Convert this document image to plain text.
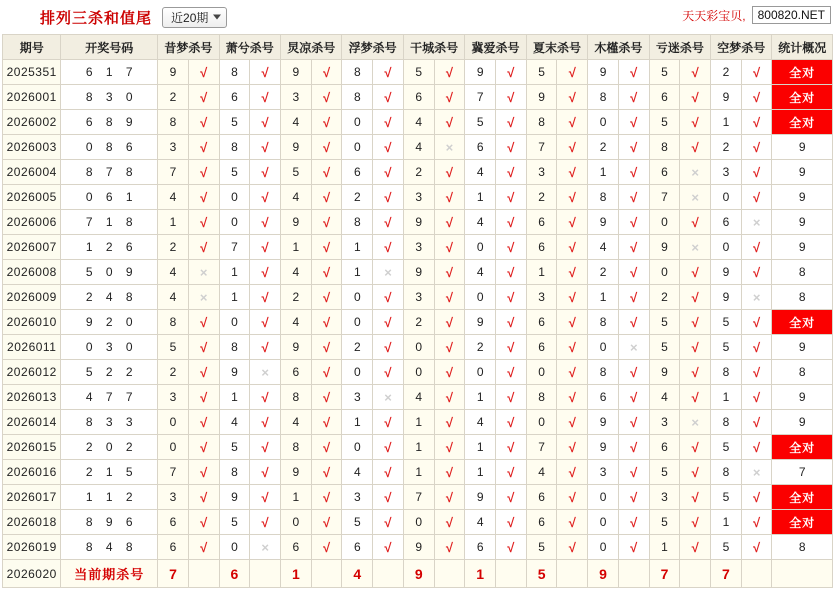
排列三杀和值尾 近20期	天天彩宝贝,	800820.NET
期号	开奖号码	昔梦杀号		萧兮杀号		炅凉杀号		浮梦杀号		干城杀号		冀爱杀号		夏末杀号		木槿杀号		亏迷杀号		空梦杀号		统计概况
2025351	6 1 7	9	√	8	√	9	√	8	√	5	√	9	√	5	√	9	√	5	√	2	√	全对
2026001	8 3 0	2	√	6	√	3	√	8	√	6	√	7	√	9	√	8	√	6	√	9	√	全对
2026002	6 8 9	8	√	5	√	4	√	0	√	4	√	5	√	8	√	0	√	5	√	1	√	全对
2026003	0 8 6	3	√	8	√	9	√	0	√	4	×	6	√	7	√	2	√	8	√	2	√	9
2026004	8 7 8	7	√	5	√	5	√	6	√	2	√	4	√	3	√	1	√	6	×	3	√	9
2026005	0 6 1	4	√	0	√	4	√	2	√	3	√	1	√	2	√	8	√	7	×	0	√	9
2026006	7 1 8	1	√	0	√	9	√	8	√	9	√	4	√	6	√	9	√	0	√	6	×	9
2026007	1 2 6	2	√	7	√	1	√	1	√	3	√	0	√	6	√	4	√	9	×	0	√	9
2026008	5 0 9	4	×	1	√	4	√	1	×	9	√	4	√	1	√	2	√	0	√	9	√	8
2026009	2 4 8	4	×	1	√	2	√	0	√	3	√	0	√	3	√	1	√	2	√	9	×	8
2026010	9 2 0	8	√	0	√	4	√	0	√	2	√	9	√	6	√	8	√	5	√	5	√	全对
2026011	0 3 0	5	√	8	√	9	√	2	√	0	√	2	√	6	√	0	×	5	√	5	√	9
2026012	5 2 2	2	√	9	×	6	√	0	√	0	√	0	√	0	√	8	√	9	√	8	√	8
2026013	4 7 7	3	√	1	√	8	√	3	×	4	√	1	√	8	√	6	√	4	√	1	√	9
2026014	8 3 3	0	√	4	√	4	√	1	√	1	√	4	√	0	√	9	√	3	×	8	√	9
2026015	2 0 2	0	√	5	√	8	√	0	√	1	√	1	√	7	√	9	√	6	√	5	√	全对
2026016	2 1 5	7	√	8	√	9	√	4	√	1	√	1	√	4	√	3	√	5	√	8	×	7
2026017	1 1 2	3	√	9	√	1	√	3	√	7	√	9	√	6	√	0	√	3	√	5	√	全对
2026018	8 9 6	6	√	5	√	0	√	5	√	0	√	4	√	6	√	0	√	5	√	1	√	全对
2026019	8 4 8	6	√	0	×	6	√	6	√	9	√	6	√	5	√	0	√	1	√	5	√	8
2026020	当前期杀号	7		6		1		4		9		1		5		9		7		7		
